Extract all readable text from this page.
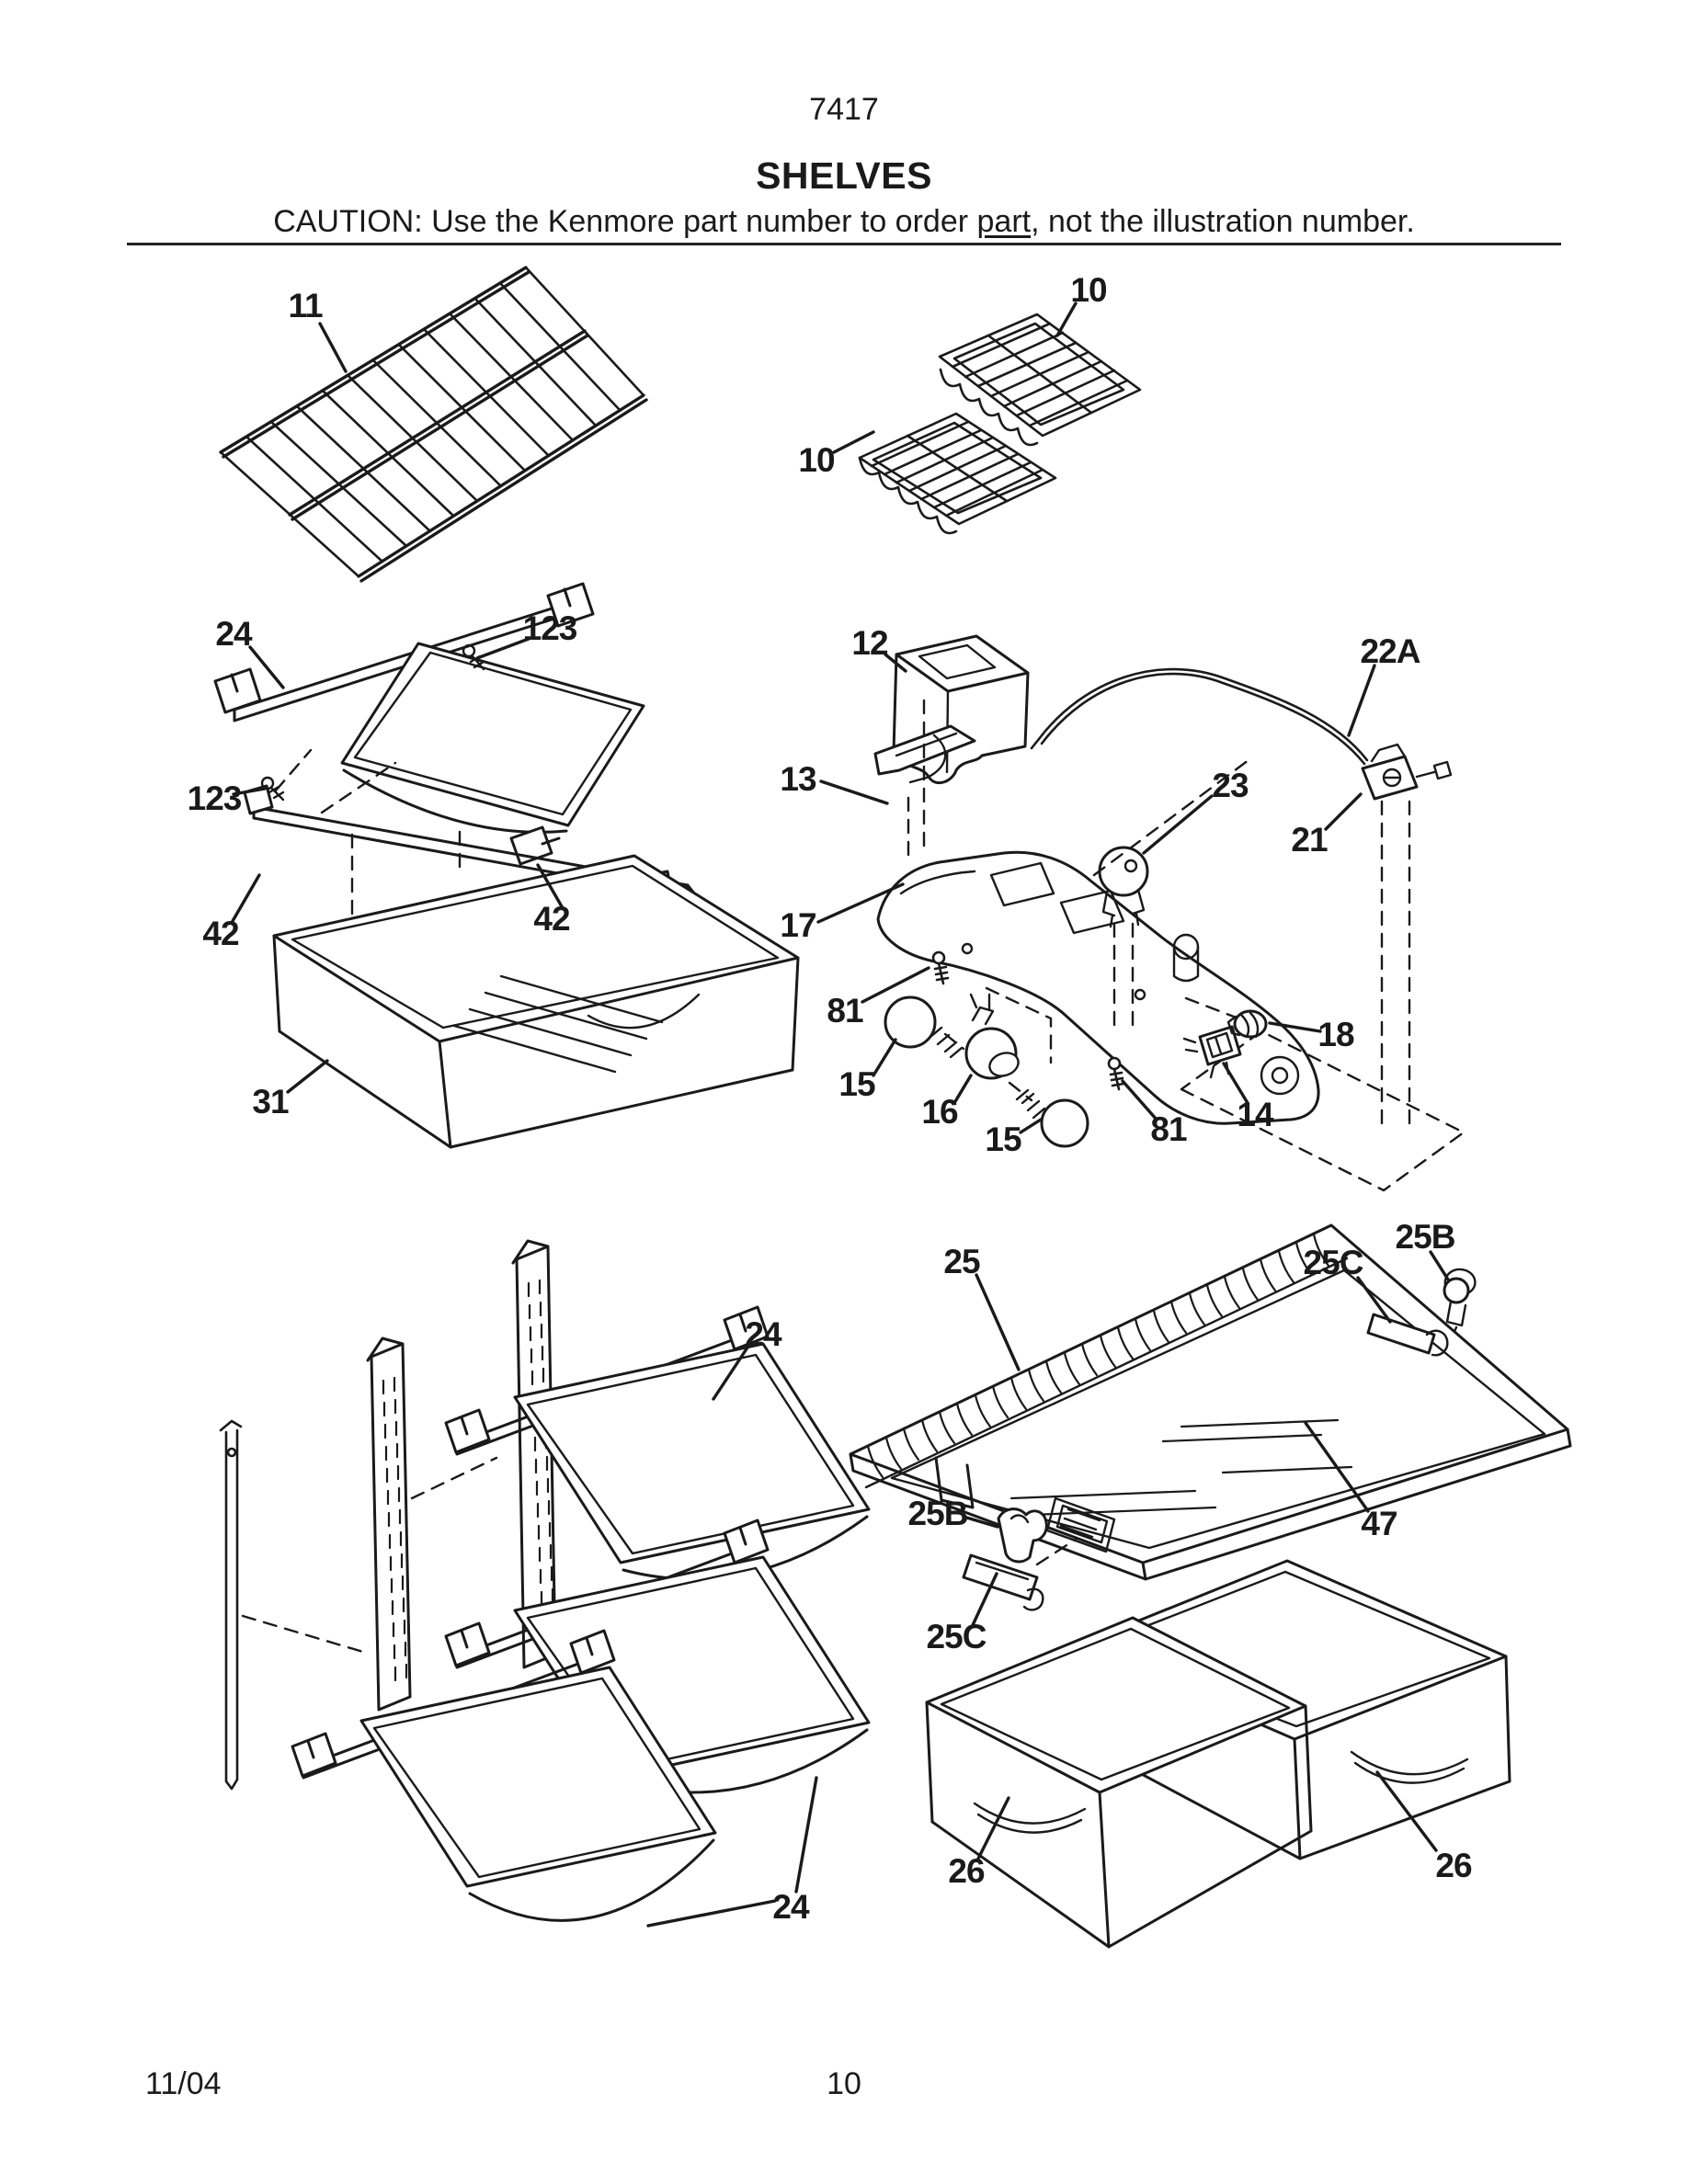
7417
SHELVES
CAUTION: Use the Kenmore part number to order part, not the illustration number.
11	10
10
24	123
123
42	42
31
12
13
22A
23
21
17
81
15
16
15	81 14
18
25	25C
25B
25B
25C
47
26	26
24
24
11/04	10
